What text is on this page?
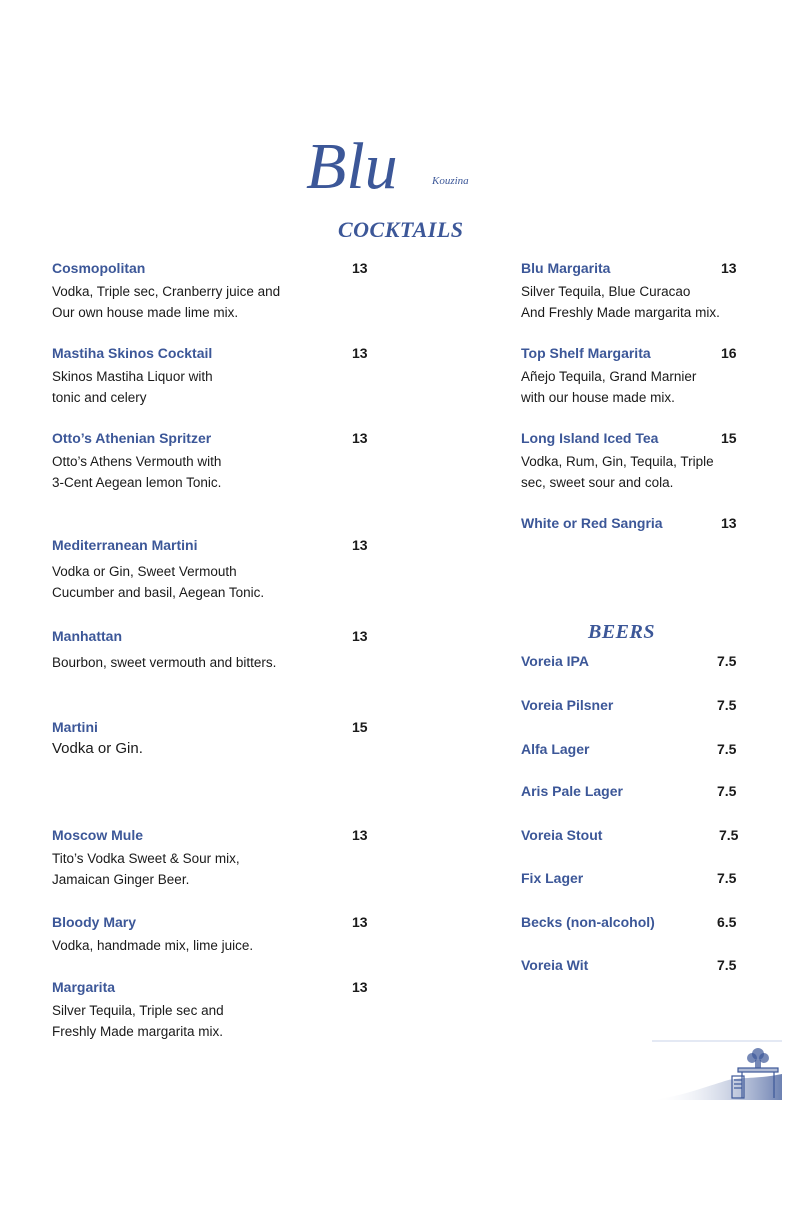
Blu	Kouzina
COCKTAILS
BEERS
Cosmopolitan	13
Vodka, Triple sec, Cranberry juice and
Our own house made lime mix.
Mastiha Skinos Cocktail	13
Skinos Mastiha Liquor with
tonic and celery
Otto’s Athenian Spritzer	13
Otto’s Athens Vermouth with
3-Cent Aegean lemon Tonic.
Mediterranean Martini	13
Vodka or Gin, Sweet Vermouth
Cucumber and basil, Aegean Tonic.
Manhattan	13
Bourbon, sweet vermouth and bitters.
Martini	15
Vodka or Gin.
Moscow Mule	13
Tito’s Vodka Sweet & Sour mix,
Jamaican Ginger Beer.
Bloody Mary	13
Vodka, handmade mix, lime juice.
Margarita	13
Silver Tequila, Triple sec and
Freshly Made margarita mix.
Blu Margarita	13
Silver Tequila, Blue Curacao
And Freshly Made margarita mix.
Top Shelf Margarita	16
Añejo Tequila, Grand Marnier
with our house made mix.
Long Island Iced Tea	15
Vodka, Rum, Gin, Tequila, Triple
sec, sweet sour and cola.
White or Red Sangria	13
Voreia IPA	7.5
Voreia Pilsner	7.5
Alfa Lager	7.5
Aris Pale Lager	7.5
Voreia Stout	7.5
Fix Lager	7.5
Becks (non-alcohol)	6.5
Voreia Wit	7.5
